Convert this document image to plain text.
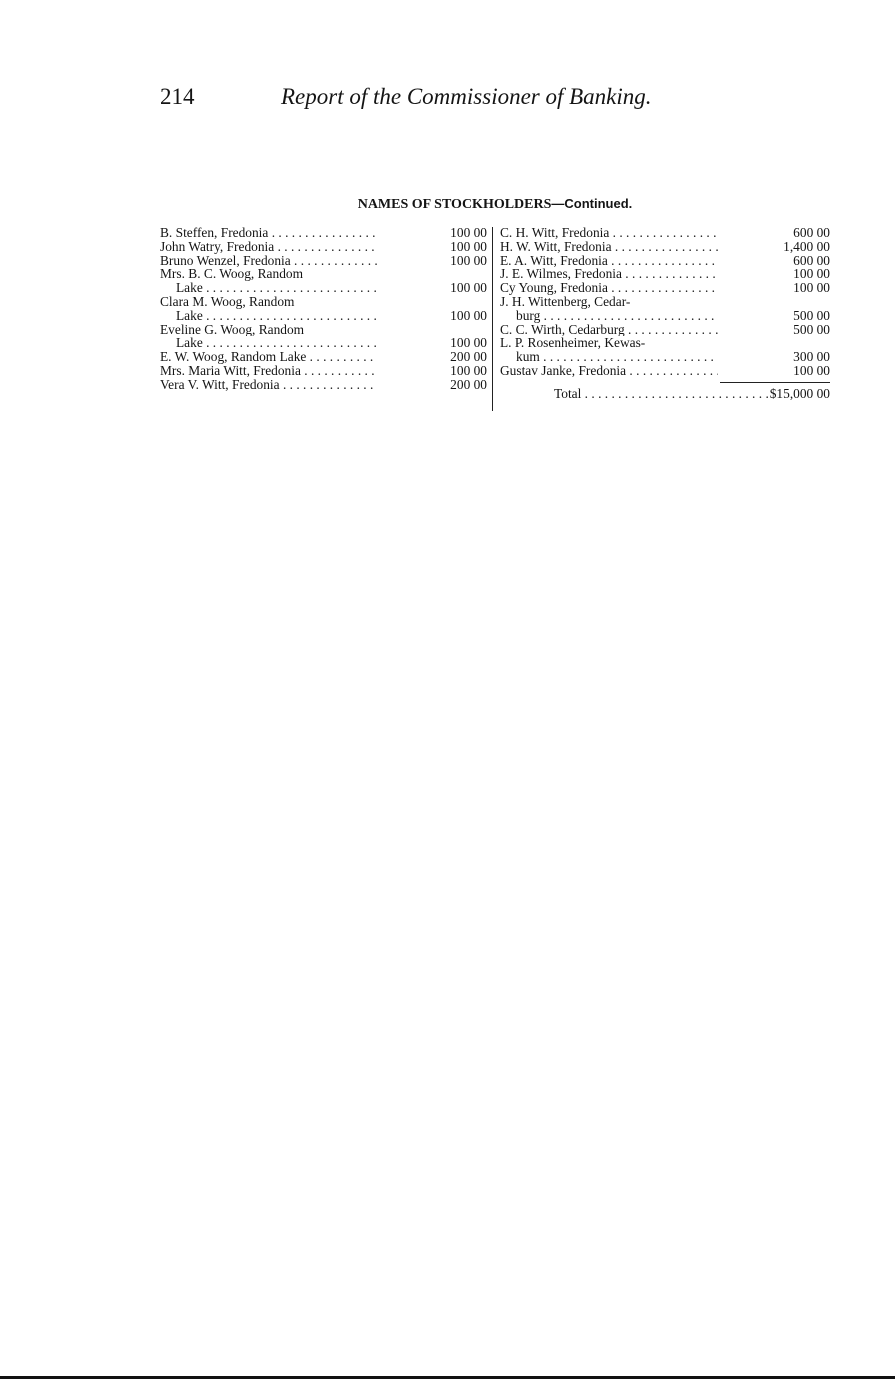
214	Report of the Commissioner of Banking.
NAMES OF STOCKHOLDERS—Continued.
B. Steffen, Fredonia . . .	100 00
John Watry, Fredonia . . .	100 00
Bruno Wenzel, Fredonia . . .	100 00
Mrs. B. C. Woog, Random
Lake . . .	100 00
Clara M. Woog, Random
Lake . . .	100 00
Eveline G. Woog, Random
Lake . . .	100 00
E. W. Woog, Random Lake . . .	200 00
Mrs. Maria Witt, Fredonia . . .	100 00
Vera V. Witt, Fredonia . . .	200 00
C. H. Witt, Fredonia . . .	600 00
H. W. Witt, Fredonia . . .	1,400 00
E. A. Witt, Fredonia . . .	600 00
J. E. Wilmes, Fredonia . . .	100 00
Cy Young, Fredonia . . .	100 00
J. H. Wittenberg, Cedar-
burg . . .	500 00
C. C. Wirth, Cedarburg . . .	500 00
L. P. Rosenheimer, Kewas-
kum . . .	300 00
Gustav Janke, Fredonia . . .	100 00
Total . . .	$15,000 00
